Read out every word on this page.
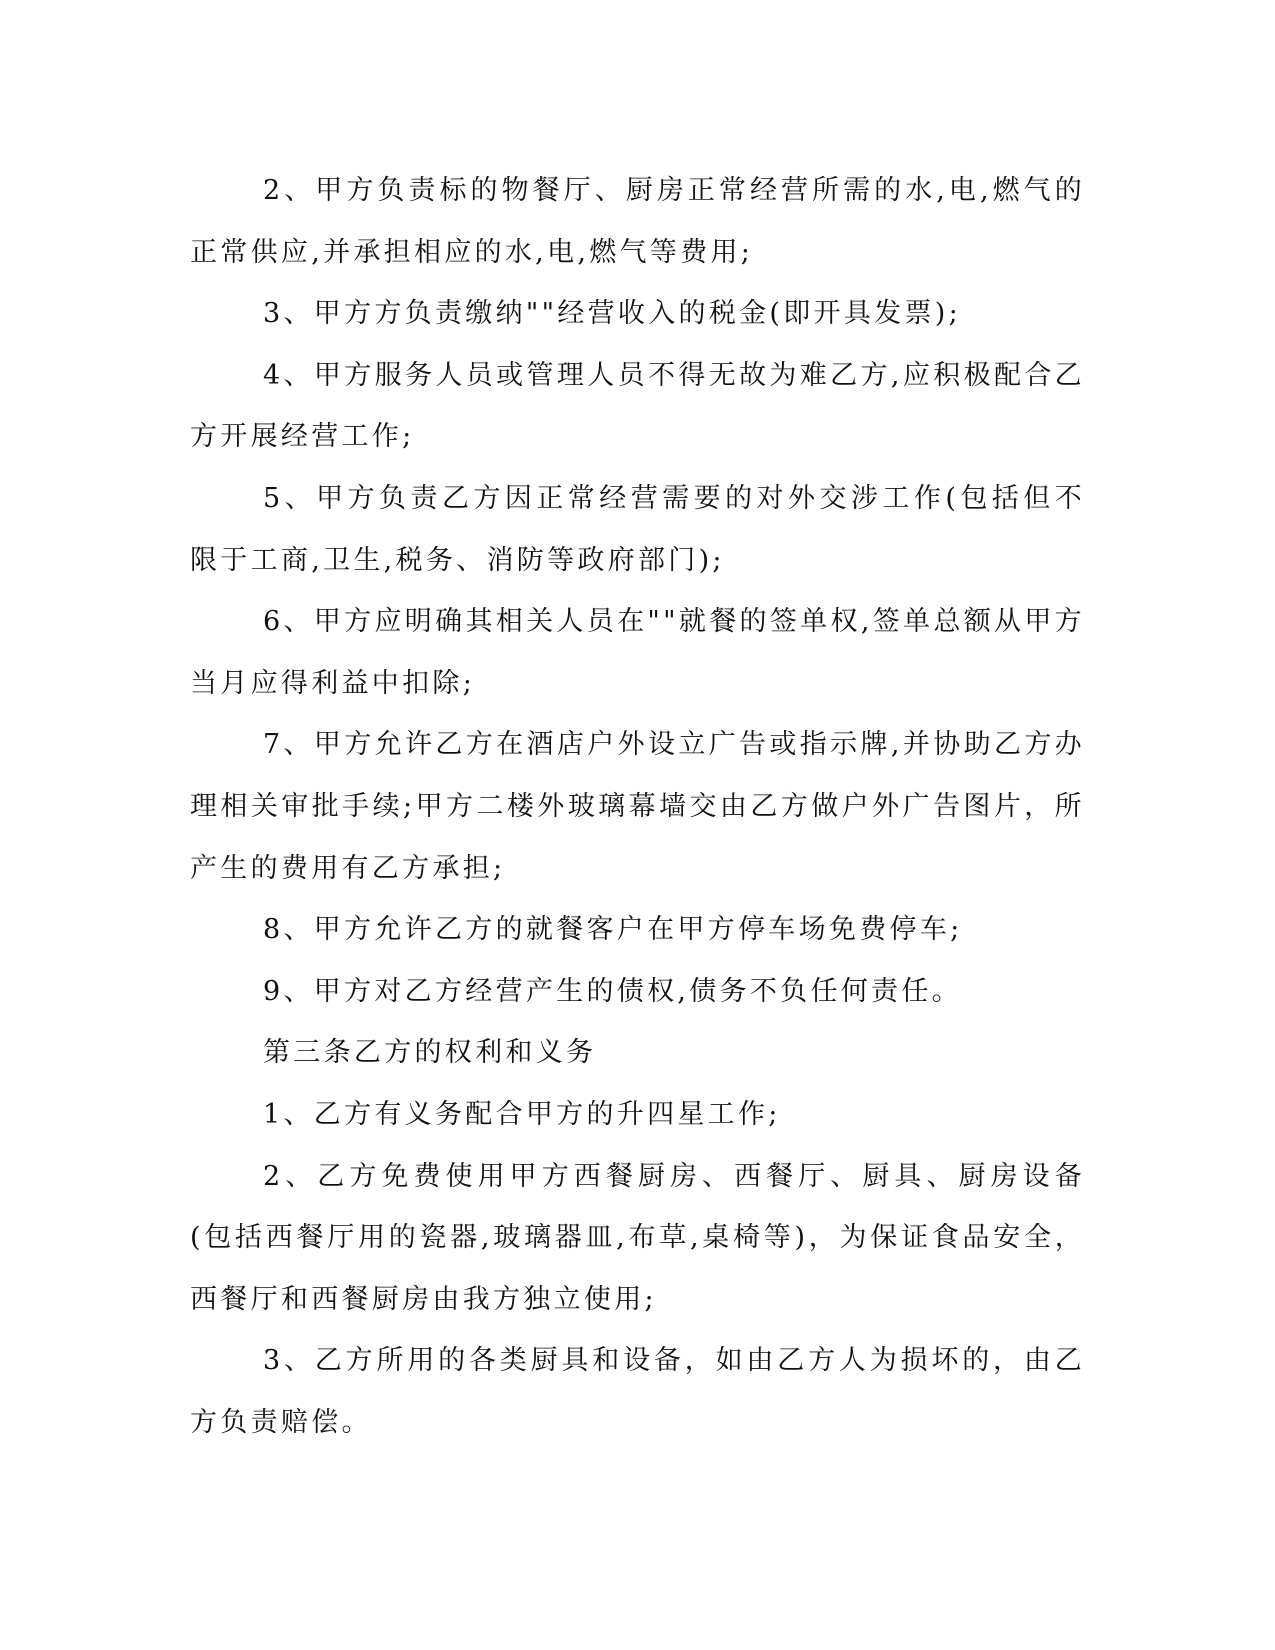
2、甲方负责标的物餐厅、厨房正常经营所需的水,电,燃气的正常供应,并承担相应的水,电,燃气等费用;

3、甲方方负责缴纳""经营收入的税金(即开具发票);

4、甲方服务人员或管理人员不得无故为难乙方,应积极配合乙方开展经营工作;

5、甲方负责乙方因正常经营需要的对外交涉工作(包括但不限于工商,卫生,税务、消防等政府部门);

6、甲方应明确其相关人员在""就餐的签单权,签单总额从甲方当月应得利益中扣除;

7、甲方允许乙方在酒店户外设立广告或指示牌,并协助乙方办理相关审批手续;甲方二楼外玻璃幕墙交由乙方做户外广告图片，所产生的费用有乙方承担;

8、甲方允许乙方的就餐客户在甲方停车场免费停车;

9、甲方对乙方经营产生的债权,债务不负任何责任。

第三条乙方的权利和义务

1、乙方有义务配合甲方的升四星工作;

2、乙方免费使用甲方西餐厨房、西餐厅、厨具、厨房设备(包括西餐厅用的瓷器,玻璃器皿,布草,桌椅等)，为保证食品安全，西餐厅和西餐厨房由我方独立使用;

3、乙方所用的各类厨具和设备，如由乙方人为损坏的，由乙方负责赔偿。
